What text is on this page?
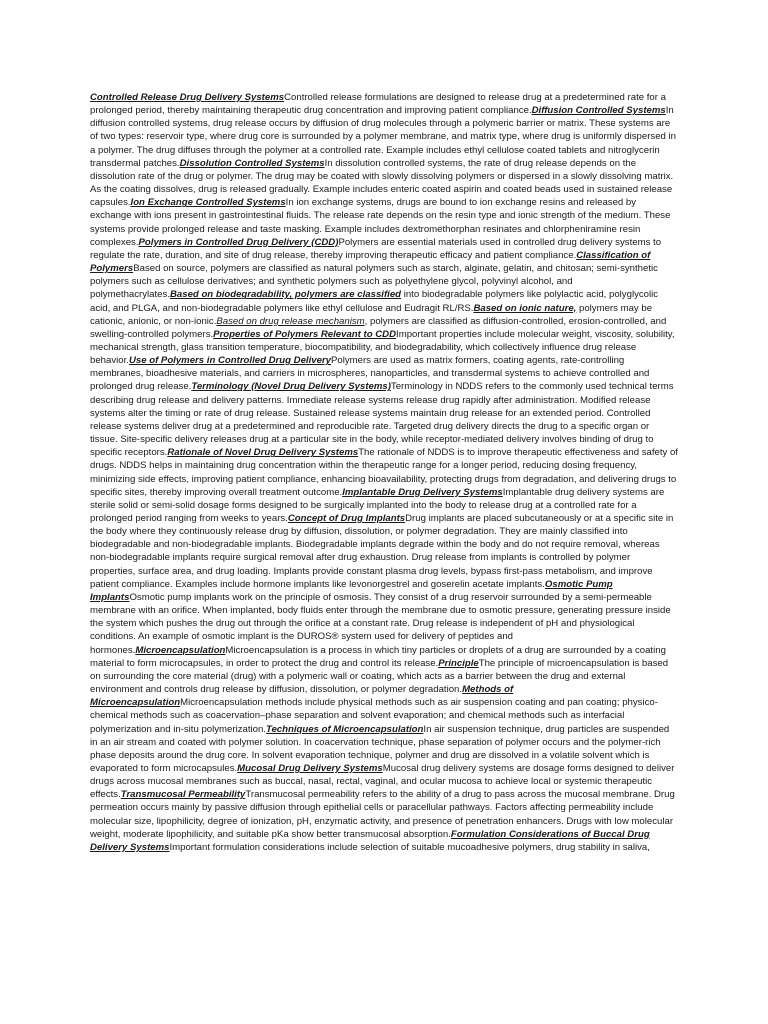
Controlled Release Drug Delivery SystemsControlled release formulations are designed to release drug at a predetermined rate for a prolonged period, thereby maintaining therapeutic drug concentration and improving patient compliance.Diffusion Controlled SystemsIn diffusion controlled systems, drug release occurs by diffusion of drug molecules through a polymeric barrier or matrix. These systems are of two types: reservoir type, where drug core is surrounded by a polymer membrane, and matrix type, where drug is uniformly dispersed in a polymer. The drug diffuses through the polymer at a controlled rate. Example includes ethyl cellulose coated tablets and nitroglycerin transdermal patches.Dissolution Controlled SystemsIn dissolution controlled systems, the rate of drug release depends on the dissolution rate of the drug or polymer. The drug may be coated with slowly dissolving polymers or dispersed in a slowly dissolving matrix. As the coating dissolves, drug is released gradually. Example includes enteric coated aspirin and coated beads used in sustained release capsules.Ion Exchange Controlled SystemsIn ion exchange systems, drugs are bound to ion exchange resins and released by exchange with ions present in gastrointestinal fluids. The release rate depends on the resin type and ionic strength of the medium. These systems provide prolonged release and taste masking. Example includes dextromethorphan resinates and chlorpheniramine resin complexes.Polymers in Controlled Drug Delivery (CDD)Polymers are essential materials used in controlled drug delivery systems to regulate the rate, duration, and site of drug release, thereby improving therapeutic efficacy and patient compliance.Classification of PolymersBased on source, polymers are classified as natural polymers such as starch, alginate, gelatin, and chitosan; semi-synthetic polymers such as cellulose derivatives; and synthetic polymers such as polyethylene glycol, polyvinyl alcohol, and polymethacrylates.Based on biodegradability, polymers are classified into biodegradable polymers like polylactic acid, polyglycolic acid, and PLGA, and non-biodegradable polymers like ethyl cellulose and Eudragit RL/RS.Based on ionic nature, polymers may be cationic, anionic, or non-ionic.Based on drug release mechanism, polymers are classified as diffusion-controlled, erosion-controlled, and swelling-controlled polymers.Properties of Polymers Relevant to CDDImportant properties include molecular weight, viscosity, solubility, mechanical strength, glass transition temperature, biocompatibility, and biodegradability, which collectively influence drug release behavior.Use of Polymers in Controlled Drug DeliveryPolymers are used as matrix formers, coating agents, rate-controlling membranes, bioadhesive materials, and carriers in microspheres, nanoparticles, and transdermal systems to achieve controlled and prolonged drug release.Terminology (Novel Drug Delivery Systems)Terminology in NDDS refers to the commonly used technical terms describing drug release and delivery patterns. Immediate release systems release drug rapidly after administration. Modified release systems alter the timing or rate of drug release. Sustained release systems maintain drug release for an extended period. Controlled release systems deliver drug at a predetermined and reproducible rate. Targeted drug delivery directs the drug to a specific organ or tissue. Site-specific delivery releases drug at a particular site in the body, while receptor-mediated delivery involves binding of drug to specific receptors.Rationale of Novel Drug Delivery SystemsThe rationale of NDDS is to improve therapeutic effectiveness and safety of drugs. NDDS helps in maintaining drug concentration within the therapeutic range for a longer period, reducing dosing frequency, minimizing side effects, improving patient compliance, enhancing bioavailability, protecting drugs from degradation, and delivering drugs to specific sites, thereby improving overall treatment outcome.Implantable Drug Delivery SystemsImplantable drug delivery systems are sterile solid or semi-solid dosage forms designed to be surgically implanted into the body to release drug at a controlled rate for a prolonged period ranging from weeks to years.Concept of Drug ImplantsDrug implants are placed subcutaneously or at a specific site in the body where they continuously release drug by diffusion, dissolution, or polymer degradation. They are mainly classified into biodegradable and non-biodegradable implants. Biodegradable implants degrade within the body and do not require removal, whereas non-biodegradable implants require surgical removal after drug exhaustion. Drug release from implants is controlled by polymer properties, surface area, and drug loading. Implants provide constant plasma drug levels, bypass first-pass metabolism, and improve patient compliance. Examples include hormone implants like levonorgestrel and goserelin acetate implants.Osmotic Pump ImplantsOsmotic pump implants work on the principle of osmosis. They consist of a drug reservoir surrounded by a semi-permeable membrane with an orifice. When implanted, body fluids enter through the membrane due to osmotic pressure, generating pressure inside the system which pushes the drug out through the orifice at a constant rate. Drug release is independent of pH and physiological conditions. An example of osmotic implant is the DUROS® system used for delivery of peptides and hormones.MicroencapsulationMicroencapsulation is a process in which tiny particles or droplets of a drug are surrounded by a coating material to form microcapsules, in order to protect the drug and control its release.PrincipleThe principle of microencapsulation is based on surrounding the core material (drug) with a polymeric wall or coating, which acts as a barrier between the drug and external environment and controls drug release by diffusion, dissolution, or polymer degradation.Methods of MicroencapsulationMicroencapsulation methods include physical methods such as air suspension coating and pan coating; physico-chemical methods such as coacervation–phase separation and solvent evaporation; and chemical methods such as interfacial polymerization and in-situ polymerization.Techniques of MicroencapsulationIn air suspension technique, drug particles are suspended in an air stream and coated with polymer solution. In coacervation technique, phase separation of polymer occurs and the polymer-rich phase deposits around the drug core. In solvent evaporation technique, polymer and drug are dissolved in a volatile solvent which is evaporated to form microcapsules.Mucosal Drug Delivery SystemsMucosal drug delivery systems are dosage forms designed to deliver drugs across mucosal membranes such as buccal, nasal, rectal, vaginal, and ocular mucosa to achieve local or systemic therapeutic effects.Transmucosal PermeabilityTransmucosal permeability refers to the ability of a drug to pass across the mucosal membrane. Drug permeation occurs mainly by passive diffusion through epithelial cells or paracellular pathways. Factors affecting permeability include molecular size, lipophilicity, degree of ionization, pH, enzymatic activity, and presence of penetration enhancers. Drugs with low molecular weight, moderate lipophilicity, and suitable pKa show better transmucosal absorption.Formulation Considerations of Buccal Drug Delivery SystemsImportant formulation considerations include selection of suitable mucoadhesive polymers, drug stability in saliva,
